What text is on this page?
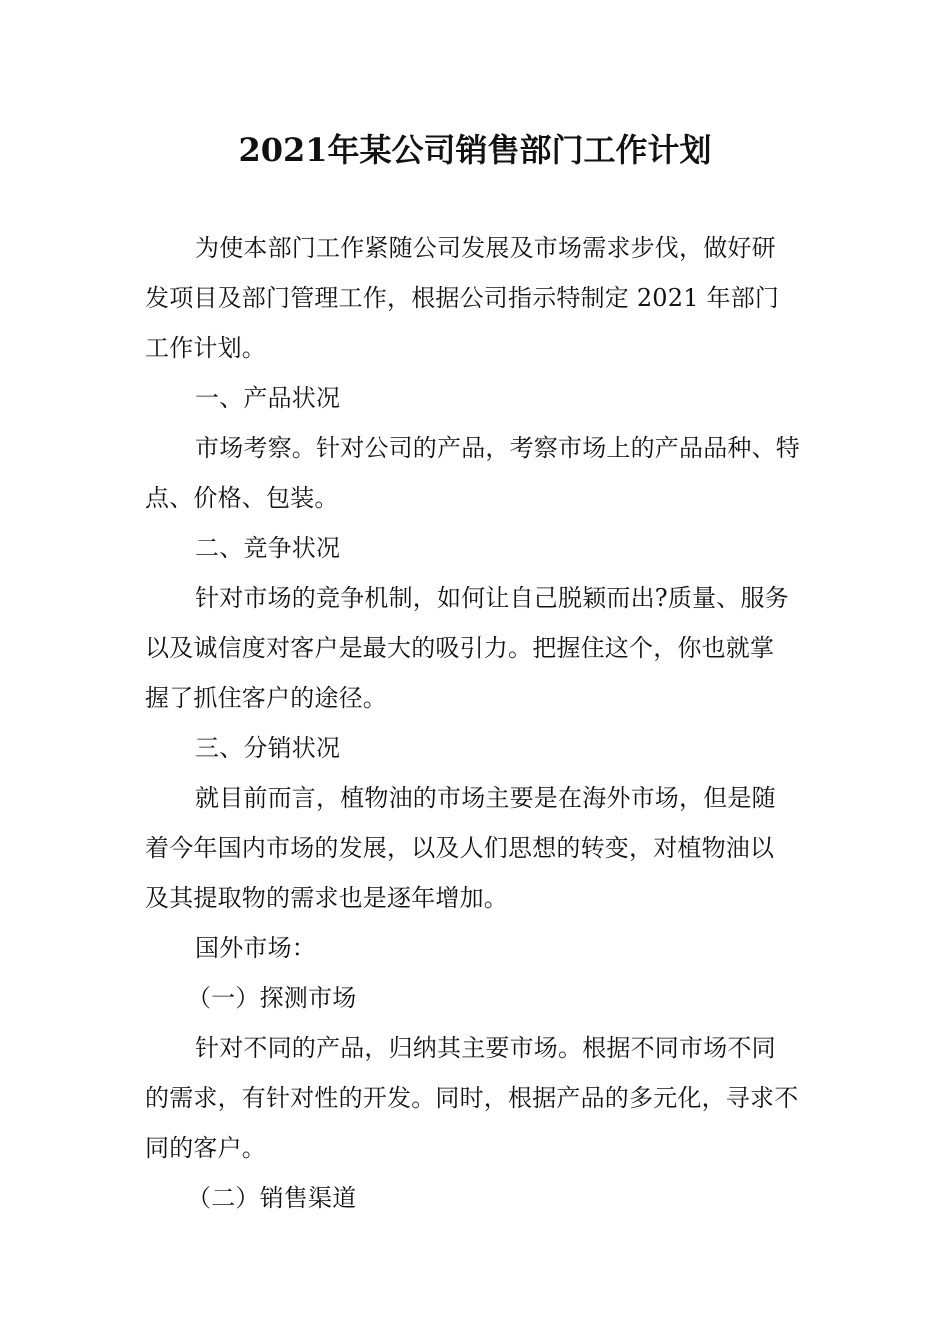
2021年某公司销售部门工作计划
为使本部门工作紧随公司发展及市场需求步伐，做好研
发项目及部门管理工作，根据公司指示特制定 2021 年部门
工作计划。
一、产品状况
市场考察。针对公司的产品，考察市场上的产品品种、特
点、价格、包装。
二、竞争状况
针对市场的竞争机制，如何让自己脱颖而出?质量、服务
以及诚信度对客户是最大的吸引力。把握住这个，你也就掌
握了抓住客户的途径。
三、分销状况
就目前而言，植物油的市场主要是在海外市场，但是随
着今年国内市场的发展，以及人们思想的转变，对植物油以
及其提取物的需求也是逐年增加。
国外市场：
（一）探测市场
针对不同的产品，归纳其主要市场。根据不同市场不同
的需求，有针对性的开发。同时，根据产品的多元化，寻求不
同的客户。
（二）销售渠道
